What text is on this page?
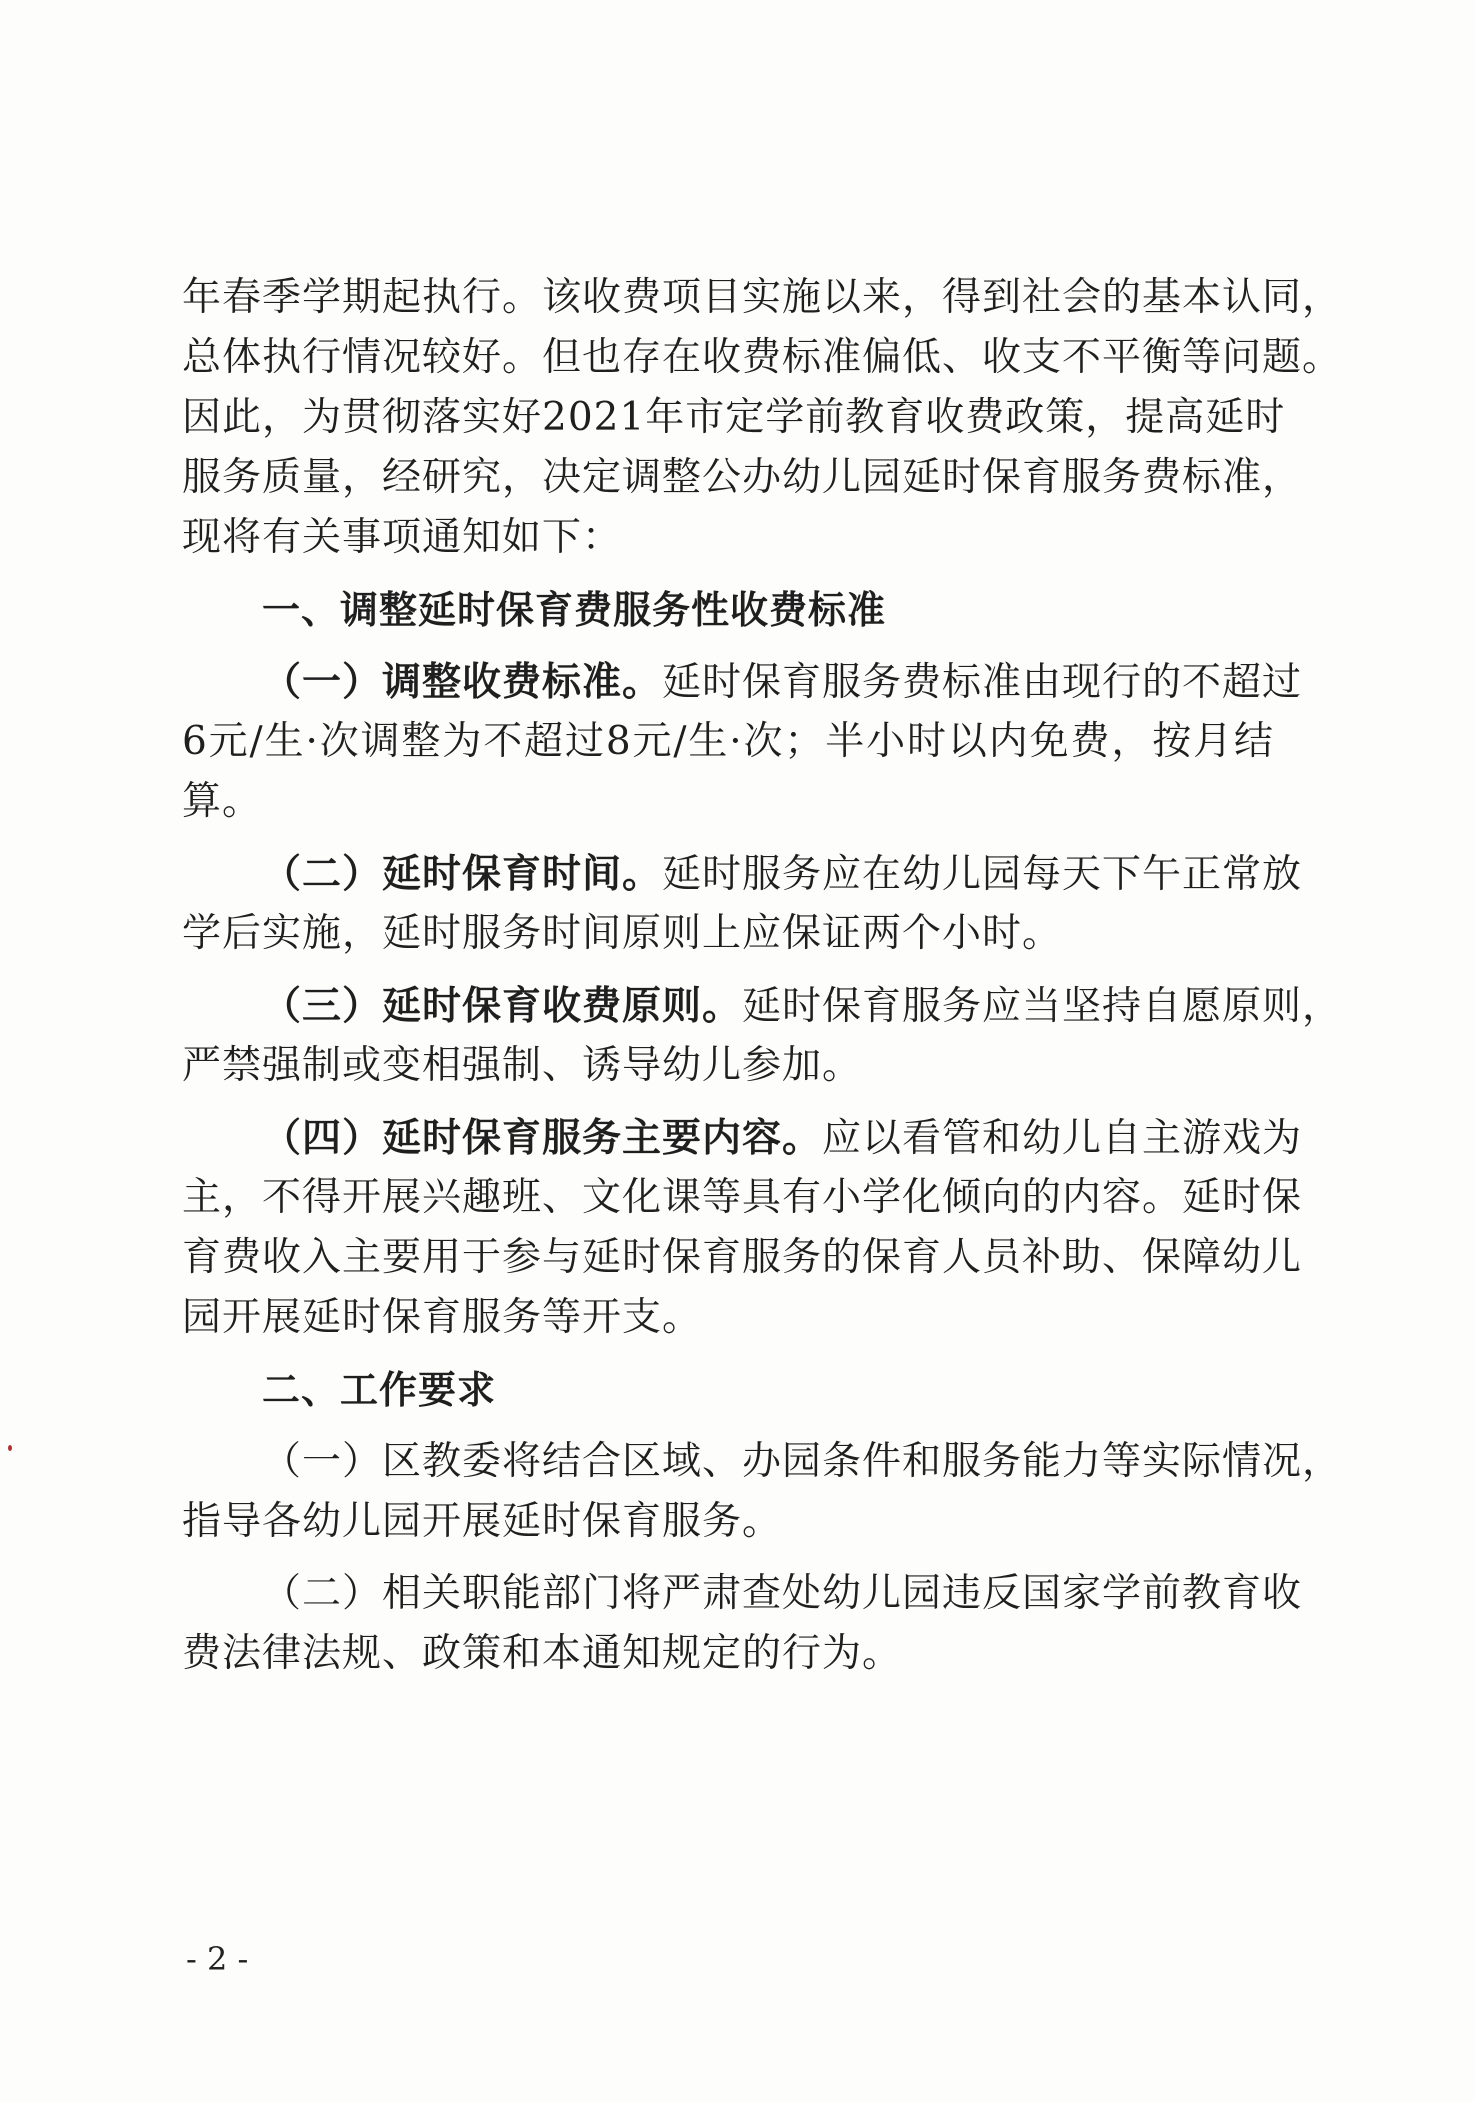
年春季学期起执行。该收费项目实施以来，得到社会的基本认同，
总体执行情况较好。但也存在收费标准偏低、收支不平衡等问题。
因此，为贯彻落实好2021年市定学前教育收费政策，提高延时
服务质量，经研究，决定调整公办幼儿园延时保育服务费标准，
现将有关事项通知如下：
一、调整延时保育费服务性收费标准
（一）调整收费标准。延时保育服务费标准由现行的不超过
6元/生·次调整为不超过8元/生·次；半小时以内免费，按月结
算。
（二）延时保育时间。延时服务应在幼儿园每天下午正常放
学后实施，延时服务时间原则上应保证两个小时。
（三）延时保育收费原则。延时保育服务应当坚持自愿原则，
严禁强制或变相强制、诱导幼儿参加。
（四）延时保育服务主要内容。应以看管和幼儿自主游戏为
主，不得开展兴趣班、文化课等具有小学化倾向的内容。延时保
育费收入主要用于参与延时保育服务的保育人员补助、保障幼儿
园开展延时保育服务等开支。
二、工作要求
（一）区教委将结合区域、办园条件和服务能力等实际情况，
指导各幼儿园开展延时保育服务。
（二）相关职能部门将严肃查处幼儿园违反国家学前教育收
费法律法规、政策和本通知规定的行为。
- 2 -
